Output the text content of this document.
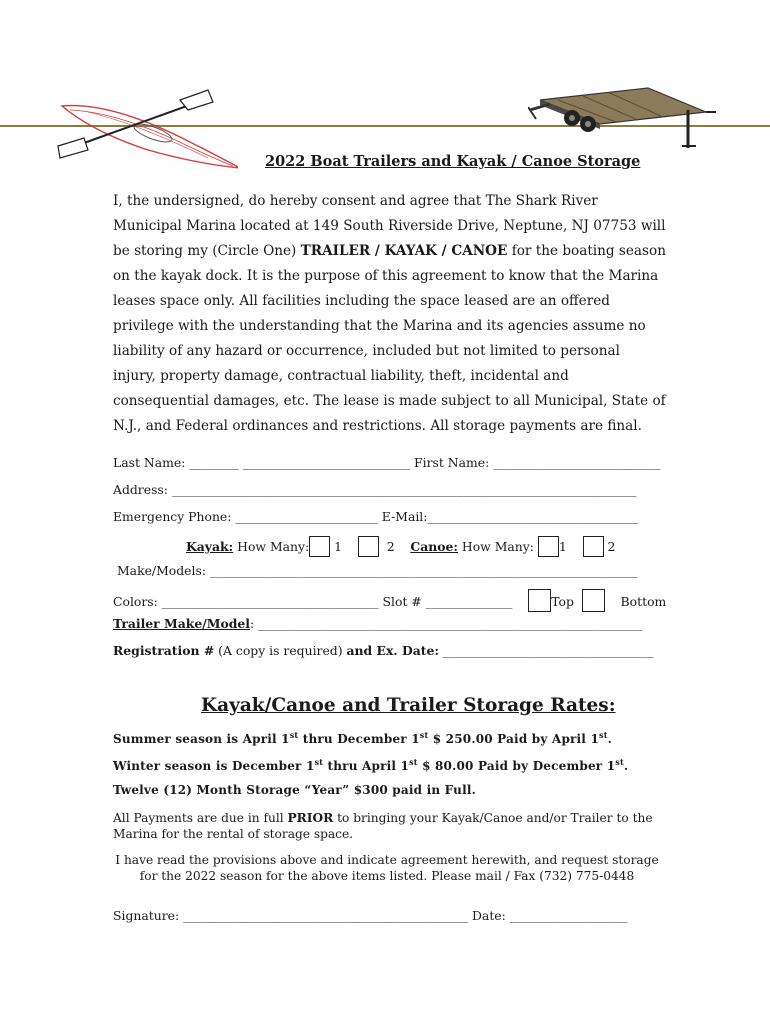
2022 Boat Trailers and Kayak / Canoe Storage
I, the undersigned, do hereby consent and agree that The Shark River
Municipal Marina located at 149 South Riverside Drive, Neptune, NJ 07753 will
be storing my (Circle One) TRAILER / KAYAK / CANOE for the boating season
on the kayak dock. It is the purpose of this agreement to know that the Marina
leases space only. All facilities including the space leased are an offered
privilege with the understanding that the Marina and its agencies assume no
liability of any hazard or occurrence, included but not limited to personal
injury, property damage, contractual liability, theft, incidental and
consequential damages, etc. The lease is made subject to all Municipal, State of
N.J., and Federal ordinances and restrictions. All storage payments are final.
Last Name: ________ ___________________________ First Name: ___________________________
Address: ___________________________________________________________________________
Emergency Phone: _______________________ E-Mail:__________________________________
Kayak: How Many: 1	2 Canoe: How Many: 1	2
Make/Models: _____________________________________________________________________
Colors: ___________________________________ Slot # ______________	Top	Bottom
Trailer Make/Model: ______________________________________________________________
Registration # (A copy is required) and Ex. Date: __________________________________
Kayak/Canoe and Trailer Storage Rates:
Summer season is April 1st thru December 1st $ 250.00 Paid by April 1st.
Winter season is December 1st thru April 1st $ 80.00 Paid by December 1st.
Twelve (12) Month Storage “Year” $300 paid in Full.
All Payments are due in full PRIOR to bringing your Kayak/Canoe and/or Trailer to the
Marina for the rental of storage space.
I have read the provisions above and indicate agreement herewith, and request storage
for the 2022 season for the above items listed. Please mail / Fax (732) 775-0448
Signature: ______________________________________________ Date: ___________________
